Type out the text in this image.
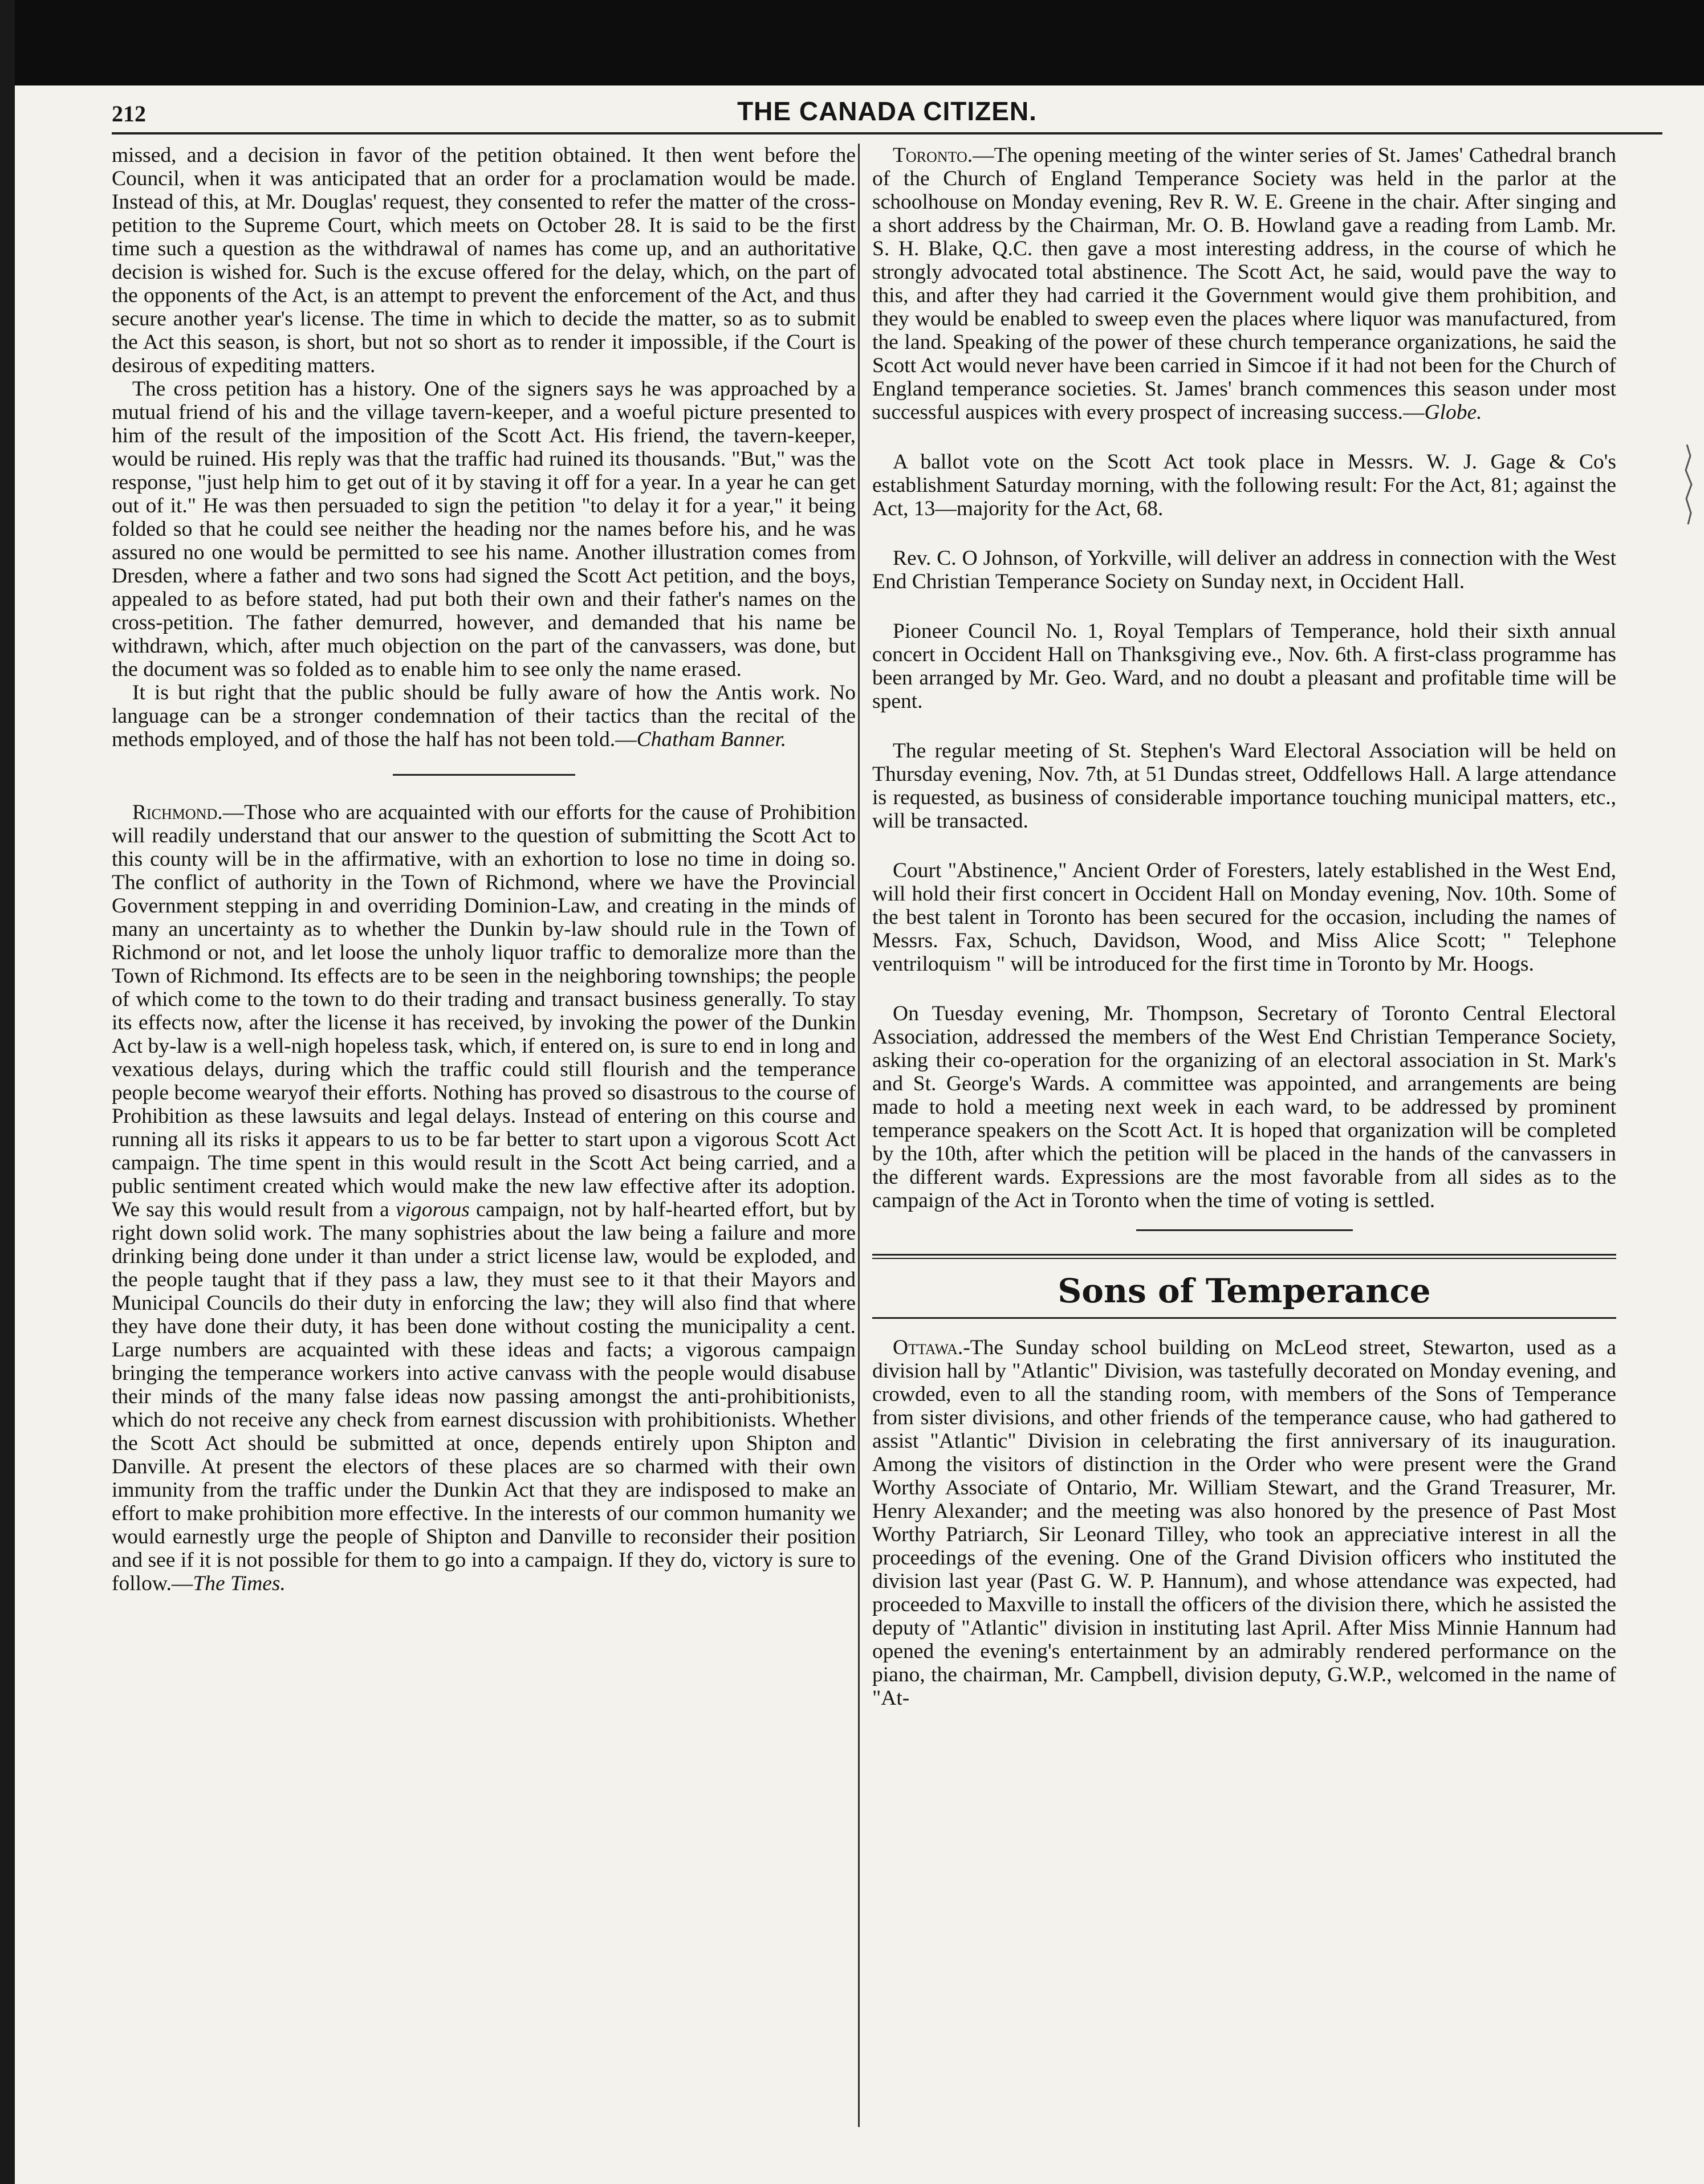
212	THE CANADA CITIZEN.

missed, and a decision in favor of the petition obtained. It then went before the Council, when it was anticipated that an order for a proclamation would be made. Instead of this, at Mr. Douglas' request, they consented to refer the matter of the cross-petition to the Supreme Court, which meets on October 28. It is said to be the first time such a question as the withdrawal of names has come up, and an authoritative decision is wished for. Such is the excuse offered for the delay, which, on the part of the opponents of the Act, is an attempt to prevent the enforcement of the Act, and thus secure another year's license. The time in which to decide the matter, so as to submit the Act this season, is short, but not so short as to render it impossible, if the Court is desirous of expediting matters.

The cross petition has a history. One of the signers says he was approached by a mutual friend of his and the village tavern-keeper, and a woeful picture presented to him of the result of the imposition of the Scott Act. His friend, the tavern-keeper, would be ruined. His reply was that the traffic had ruined its thousands. "But," was the response, "just help him to get out of it by staving it off for a year. In a year he can get out of it." He was then persuaded to sign the petition "to delay it for a year," it being folded so that he could see neither the heading nor the names before his, and he was assured no one would be permitted to see his name. Another illustration comes from Dresden, where a father and two sons had signed the Scott Act petition, and the boys, appealed to as before stated, had put both their own and their father's names on the cross-petition. The father demurred, however, and demanded that his name be withdrawn, which, after much objection on the part of the canvassers, was done, but the document was so folded as to enable him to see only the name erased.

It is but right that the public should be fully aware of how the Antis work. No language can be a stronger condemnation of their tactics than the recital of the methods employed, and of those the half has not been told.—Chatham Banner.

Richmond.—Those who are acquainted with our efforts for the cause of Prohibition will readily understand that our answer to the question of submitting the Scott Act to this county will be in the affirmative, with an exhortion to lose no time in doing so. The conflict of authority in the Town of Richmond, where we have the Provincial Government stepping in and overriding Dominion-Law, and creating in the minds of many an uncertainty as to whether the Dunkin by-law should rule in the Town of Richmond or not, and let loose the unholy liquor traffic to demoralize more than the Town of Richmond. Its effects are to be seen in the neighboring townships; the people of which come to the town to do their trading and transact business generally. To stay its effects now, after the license it has received, by invoking the power of the Dunkin Act by-law is a well-nigh hopeless task, which, if entered on, is sure to end in long and vexatious delays, during which the traffic could still flourish and the temperance people become wearyof their efforts. Nothing has proved so disastrous to the course of Prohibition as these lawsuits and legal delays. Instead of entering on this course and running all its risks it appears to us to be far better to start upon a vigorous Scott Act campaign. The time spent in this would result in the Scott Act being carried, and a public sentiment created which would make the new law effective after its adoption. We say this would result from a vigorous campaign, not by half-hearted effort, but by right down solid work. The many sophistries about the law being a failure and more drinking being done under it than under a strict license law, would be exploded, and the people taught that if they pass a law, they must see to it that their Mayors and Municipal Councils do their duty in enforcing the law; they will also find that where they have done their duty, it has been done without costing the municipality a cent. Large numbers are acquainted with these ideas and facts; a vigorous campaign bringing the temperance workers into active canvass with the people would disabuse their minds of the many false ideas now passing amongst the anti-prohibitionists, which do not receive any check from earnest discussion with prohibitionists. Whether the Scott Act should be submitted at once, depends entirely upon Shipton and Danville. At present the electors of these places are so charmed with their own immunity from the traffic under the Dunkin Act that they are indisposed to make an effort to make prohibition more effective. In the interests of our common humanity we would earnestly urge the people of Shipton and Danville to reconsider their position and see if it is not possible for them to go into a campaign. If they do, victory is sure to follow.—The Times.

Toronto.—The opening meeting of the winter series of St. James' Cathedral branch of the Church of England Temperance Society was held in the parlor at the schoolhouse on Monday evening, Rev R. W. E. Greene in the chair. After singing and a short address by the Chairman, Mr. O. B. Howland gave a reading from Lamb. Mr. S. H. Blake, Q.C. then gave a most interesting address, in the course of which he strongly advocated total abstinence. The Scott Act, he said, would pave the way to this, and after they had carried it the Government would give them prohibition, and they would be enabled to sweep even the places where liquor was manufactured, from the land. Speaking of the power of these church temperance organizations, he said the Scott Act would never have been carried in Simcoe if it had not been for the Church of England temperance societies. St. James' branch commences this season under most successful auspices with every prospect of increasing success.—Globe.

A ballot vote on the Scott Act took place in Messrs. W. J. Gage & Co's establishment Saturday morning, with the following result: For the Act, 81; against the Act, 13—majority for the Act, 68.

Rev. C. O Johnson, of Yorkville, will deliver an address in connection with the West End Christian Temperance Society on Sunday next, in Occident Hall.

Pioneer Council No. 1, Royal Templars of Temperance, hold their sixth annual concert in Occident Hall on Thanksgiving eve., Nov. 6th. A first-class programme has been arranged by Mr. Geo. Ward, and no doubt a pleasant and profitable time will be spent.

The regular meeting of St. Stephen's Ward Electoral Association will be held on Thursday evening, Nov. 7th, at 51 Dundas street, Oddfellows Hall. A large attendance is requested, as business of considerable importance touching municipal matters, etc., will be transacted.

Court "Abstinence," Ancient Order of Foresters, lately established in the West End, will hold their first concert in Occident Hall on Monday evening, Nov. 10th. Some of the best talent in Toronto has been secured for the occasion, including the names of Messrs. Fax, Schuch, Davidson, Wood, and Miss Alice Scott; " Telephone ventriloquism " will be introduced for the first time in Toronto by Mr. Hoogs.

On Tuesday evening, Mr. Thompson, Secretary of Toronto Central Electoral Association, addressed the members of the West End Christian Temperance Society, asking their co-operation for the organizing of an electoral association in St. Mark's and St. George's Wards. A committee was appointed, and arrangements are being made to hold a meeting next week in each ward, to be addressed by prominent temperance speakers on the Scott Act. It is hoped that organization will be completed by the 10th, after which the petition will be placed in the hands of the canvassers in the different wards. Expressions are the most favorable from all sides as to the campaign of the Act in Toronto when the time of voting is settled.

Sons of Temperance

Ottawa.-The Sunday school building on McLeod street, Stewarton, used as a division hall by "Atlantic" Division, was tastefully decorated on Monday evening, and crowded, even to all the standing room, with members of the Sons of Temperance from sister divisions, and other friends of the temperance cause, who had gathered to assist "Atlantic" Division in celebrating the first anniversary of its inauguration. Among the visitors of distinction in the Order who were present were the Grand Worthy Associate of Ontario, Mr. William Stewart, and the Grand Treasurer, Mr. Henry Alexander; and the meeting was also honored by the presence of Past Most Worthy Patriarch, Sir Leonard Tilley, who took an appreciative interest in all the proceedings of the evening. One of the Grand Division officers who instituted the division last year (Past G. W. P. Hannum), and whose attendance was expected, had proceeded to Maxville to install the officers of the division there, which he assisted the deputy of "Atlantic" division in instituting last April. After Miss Minnie Hannum had opened the evening's entertainment by an admirably rendered performance on the piano, the chairman, Mr. Campbell, division deputy, G.W.P., welcomed in the name of "At-
